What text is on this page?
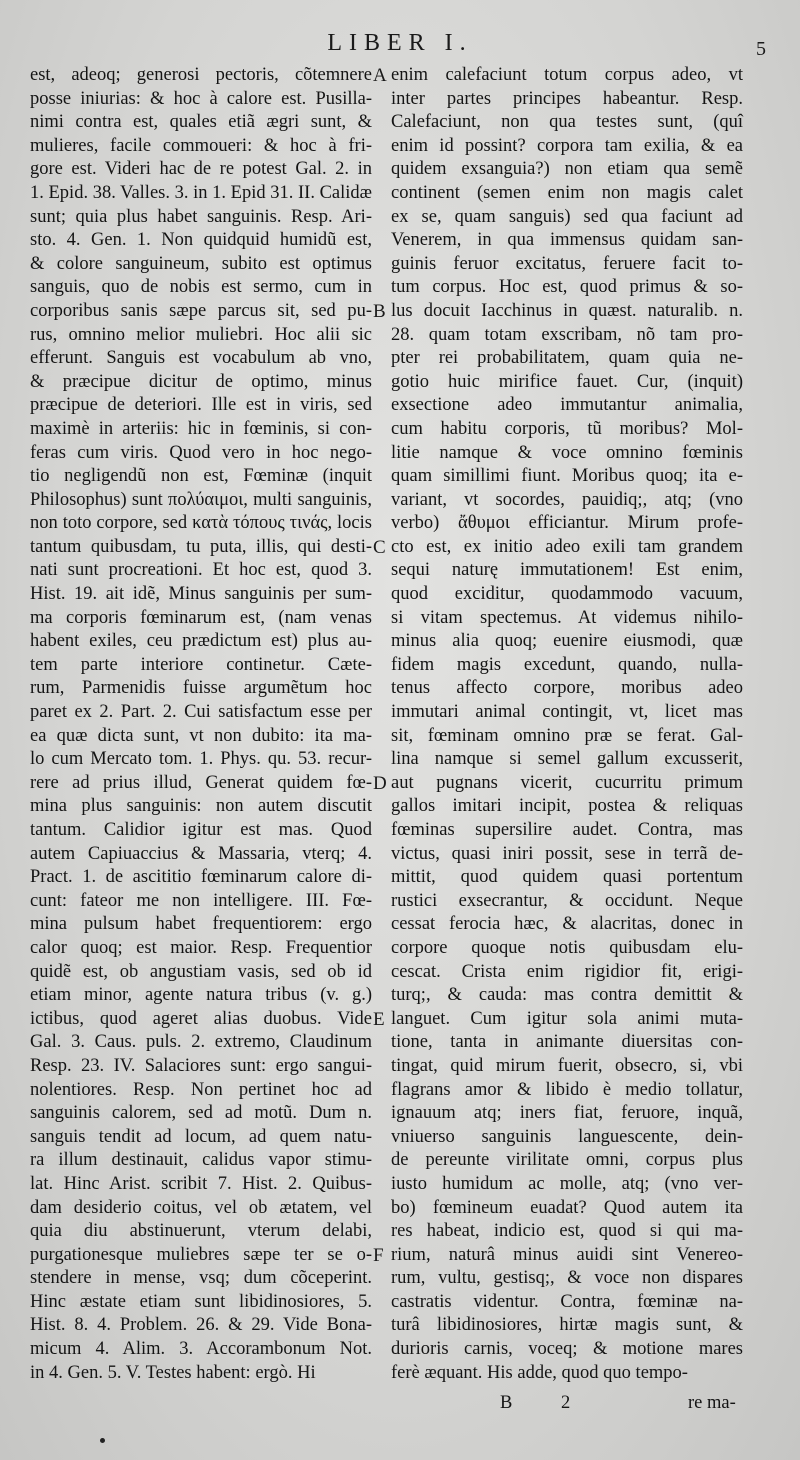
LIBER I.	5
est, adeoq; generosi pectoris, cõtemnere
posse iniurias: & hoc à calore est. Pusilla-
nimi contra est, quales etiã ægri sunt, &
mulieres, facile commoueri: & hoc à fri-
gore est. Videri hac de re potest Gal. 2. in
1. Epid. 38. Valles. 3. in 1. Epid 31. II. Calidæ
sunt; quia plus habet sanguinis. Resp. Ari-
sto. 4. Gen. 1. Non quidquid humidũ est,
& colore sanguineum, subito est optimus
sanguis, quo de nobis est sermo, cum in
corporibus sanis sæpe parcus sit, sed pu-
rus, omnino melior muliebri. Hoc alii sic
efferunt. Sanguis est vocabulum ab vno,
& præcipue dicitur de optimo, minus
præcipue de deteriori. Ille est in viris, sed
maximè in arteriis: hic in fœminis, si con-
feras cum viris. Quod vero in hoc nego-
tio negligendũ non est, Fœminæ (inquit
Philosophus) sunt πολύαιμοι, multi sanguinis,
non toto corpore, sed κατὰ τόπους τινάς, locis
tantum quibusdam, tu puta, illis, qui desti-
nati sunt procreationi. Et hoc est, quod 3.
Hist. 19. ait idẽ, Minus sanguinis per sum-
ma corporis fœminarum est, (nam venas
habent exiles, ceu prædictum est) plus au-
tem parte interiore continetur. Cæte-
rum, Parmenidis fuisse argumẽtum hoc
paret ex 2. Part. 2. Cui satisfactum esse per
ea quæ dicta sunt, vt non dubito: ita ma-
lo cum Mercato tom. 1. Phys. qu. 53. recur-
rere ad prius illud, Generat quidem fœ-
mina plus sanguinis: non autem discutit
tantum. Calidior igitur est mas. Quod
autem Capiuaccius & Massaria, vterq; 4.
Pract. 1. de ascititio fœminarum calore di-
cunt: fateor me non intelligere. III. Fœ-
mina pulsum habet frequentiorem: ergo
calor quoq; est maior. Resp. Frequentior
quidẽ est, ob angustiam vasis, sed ob id
etiam minor, agente natura tribus (v. g.)
ictibus, quod ageret alias duobus. Vide
Gal. 3. Caus. puls. 2. extremo, Claudinum
Resp. 23. IV. Salaciores sunt: ergo sangui-
nolentiores. Resp. Non pertinet hoc ad
sanguinis calorem, sed ad motũ. Dum n.
sanguis tendit ad locum, ad quem natu-
ra illum destinauit, calidus vapor stimu-
lat. Hinc Arist. scribit 7. Hist. 2. Quibus-
dam desiderio coitus, vel ob ætatem, vel
quia diu abstinuerunt, vterum delabi,
purgationesque muliebres sæpe ter se o-
stendere in mense, vsq; dum cõceperint.
Hinc æstate etiam sunt libidinosiores, 5.
Hist. 8. 4. Problem. 26. & 29. Vide Bona-
micum 4. Alim. 3. Accorambonum Not.
in 4. Gen. 5. V. Testes habent: ergò. Hi
A
B
C
D
E
F
enim calefaciunt totum corpus adeo, vt
inter partes principes habeantur. Resp.
Calefaciunt, non qua testes sunt, (quî
enim id possint? corpora tam exilia, & ea
quidem exsanguia?) non etiam qua semẽ
continent (semen enim non magis calet
ex se, quam sanguis) sed qua faciunt ad
Venerem, in qua immensus quidam san-
guinis feruor excitatus, feruere facit to-
tum corpus. Hoc est, quod primus & so-
lus docuit Iacchinus in quæst. naturalib. n.
28. quam totam exscribam, nõ tam pro-
pter rei probabilitatem, quam quia ne-
gotio huic mirifice fauet. Cur, (inquit)
exsectione adeo immutantur animalia,
cum habitu corporis, tũ moribus? Mol-
litie namque & voce omnino fœminis
quam simillimi fiunt. Moribus quoq; ita e-
variant, vt socordes, pauidiq;, atq; (vno
verbo) ἄθυμοι efficiantur. Mirum profe-
cto est, ex initio adeo exili tam grandem
sequi naturę immutationem! Est enim,
quod exciditur, quodammodo vacuum,
si vitam spectemus. At videmus nihilo-
minus alia quoq; euenire eiusmodi, quæ
fidem magis excedunt, quando, nulla-
tenus affecto corpore, moribus adeo
immutari animal contingit, vt, licet mas
sit, fœminam omnino præ se ferat. Gal-
lina namque si semel gallum excusserit,
aut pugnans vicerit, cucurritu primum
gallos imitari incipit, postea & reliquas
fœminas supersilire audet. Contra, mas
victus, quasi iniri possit, sese in terrã de-
mittit, quod quidem quasi portentum
rustici exsecrantur, & occidunt. Neque
cessat ferocia hæc, & alacritas, donec in
corpore quoque notis quibusdam elu-
cescat. Crista enim rigidior fit, erigi-
turq;, & cauda: mas contra demittit &
languet. Cum igitur sola animi muta-
tione, tanta in animante diuersitas con-
tingat, quid mirum fuerit, obsecro, si, vbi
flagrans amor & libido è medio tollatur,
ignauum atq; iners fiat, feruore, inquã,
vniuerso sanguinis languescente, dein-
de pereunte virilitate omni, corpus plus
iusto humidum ac molle, atq; (vno ver-
bo) fœmineum euadat? Quod autem ita
res habeat, indicio est, quod si qui ma-
rium, naturâ minus auidi sint Venereo-
rum, vultu, gestisq;, & voce non dispares
castratis videntur. Contra, fœminæ na-
turâ libidinosiores, hirtæ magis sunt, &
durioris carnis, voceq; & motione mares
ferè æquant. His adde, quod quo tempo-
B 2	re ma-
